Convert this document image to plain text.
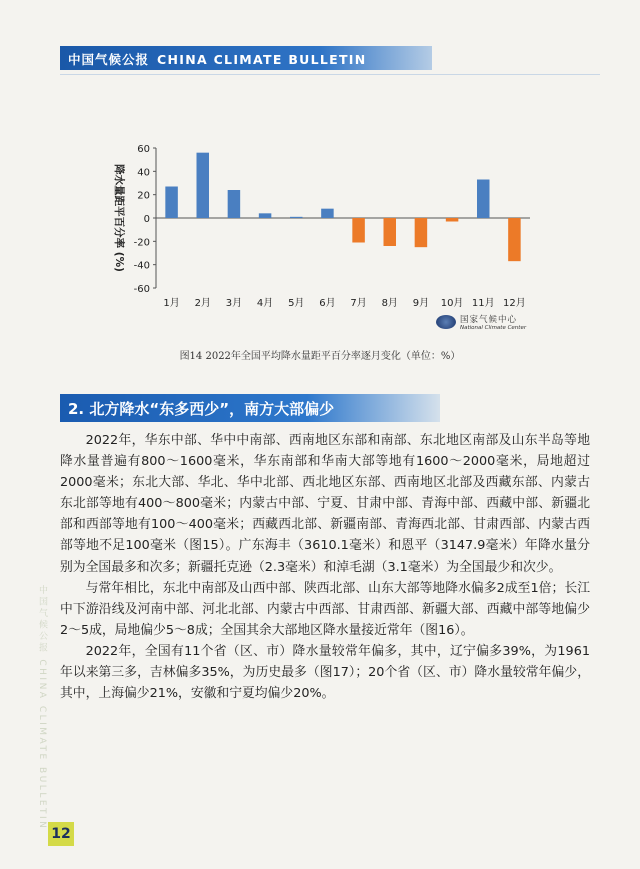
中国气候公报 CHINA CLIMATE BULLETIN
60
40
20
0
-20
-40
-60
降水量距平百分率 (%)
1月 2月 3月 4月 5月 6月 7月 8月 9月 10月 11月 12月
国家气候中心
National Climate Center
图14 2022年全国平均降水量距平百分率逐月变化（单位：%）
2. 北方降水“东多西少”，南方大部偏少

2022年，华东中部、华中中南部、西南地区东部和南部、东北地区南部及山东半岛等地降水量普遍有800～1600毫米，华东南部和华南大部等地有1600～2000毫米，局地超过2000毫米；东北大部、华北、华中北部、西北地区东部、西南地区北部及西藏东部、内蒙古东北部等地有400～800毫米；内蒙古中部、宁夏、甘肃中部、青海中部、西藏中部、新疆北部和西部等地有100～400毫米；西藏西北部、新疆南部、青海西北部、甘肃西部、内蒙古西部等地不足100毫米（图15）。广东海丰（3610.1毫米）和恩平（3147.9毫米）年降水量分别为全国最多和次多；新疆托克逊（2.3毫米）和淖毛湖（3.1毫米）为全国最少和次少。

与常年相比，东北中南部及山西中部、陕西北部、山东大部等地降水偏多2成至1倍；长江中下游沿线及河南中部、河北北部、内蒙古中西部、甘肃西部、新疆大部、西藏中部等地偏少2～5成，局地偏少5～8成；全国其余大部地区降水量接近常年（图16）。

2022年，全国有11个省（区、市）降水量较常年偏多，其中，辽宁偏多39%，为1961年以来第三多，吉林偏多35%，为历史最多（图17）；20个省（区、市）降水量较常年偏少，其中，上海偏少21%，安徽和宁夏均偏少20%。

中国气候公报 CHINA CLIMATE BULLETIN
12
